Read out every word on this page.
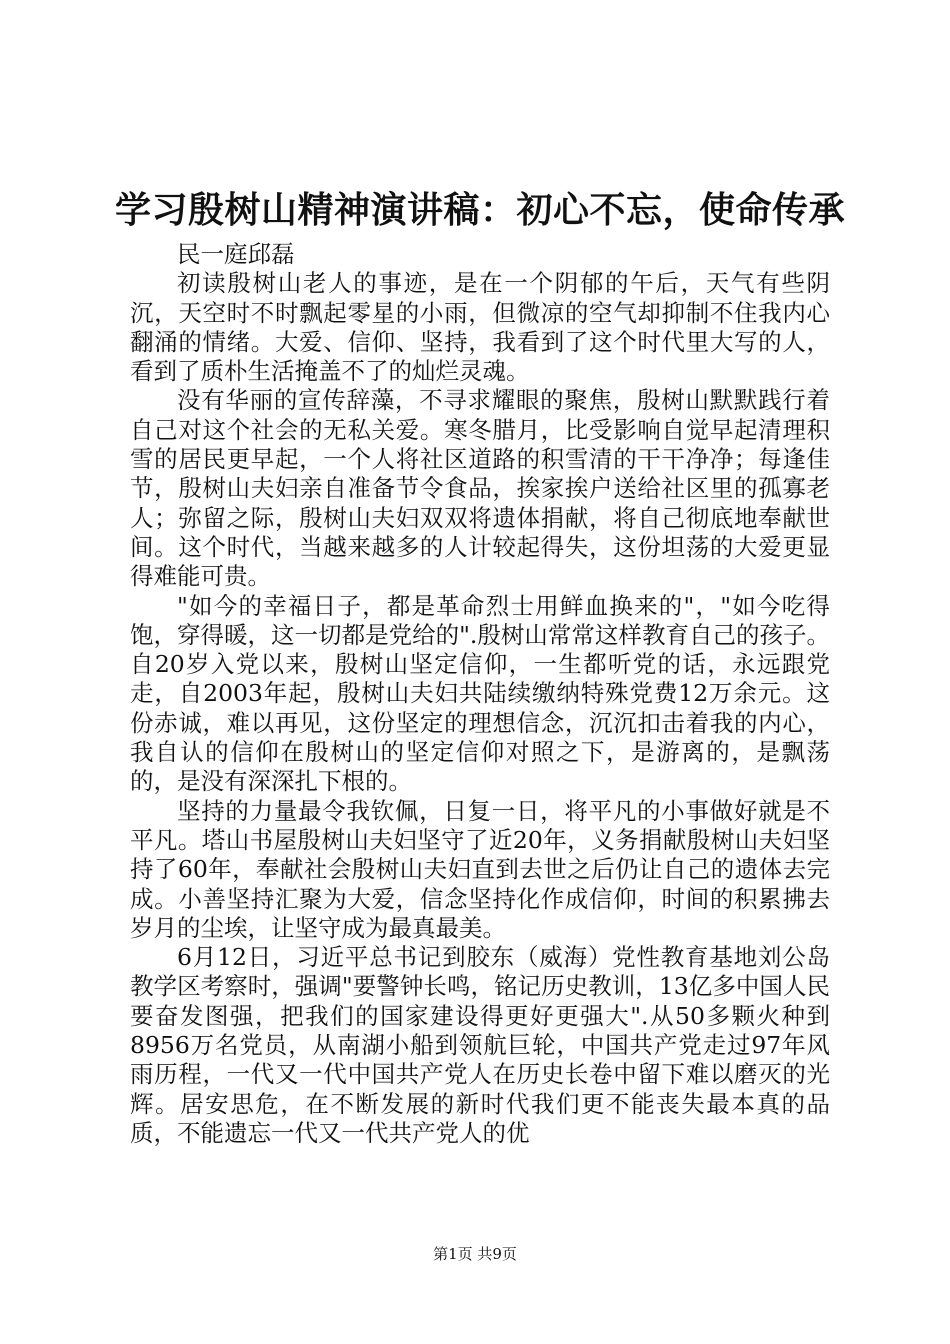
学习殷树山精神演讲稿：初心不忘，使命传承

民一庭邱磊

初读殷树山老人的事迹，是在一个阴郁的午后，天气有些阴沉，天空时不时飘起零星的小雨，但微凉的空气却抑制不住我内心翻涌的情绪。大爱、信仰、坚持，我看到了这个时代里大写的人，看到了质朴生活掩盖不了的灿烂灵魂。

没有华丽的宣传辞藻，不寻求耀眼的聚焦，殷树山默默践行着自己对这个社会的无私关爱。寒冬腊月，比受影响自觉早起清理积雪的居民更早起，一个人将社区道路的积雪清的干干净净；每逢佳节，殷树山夫妇亲自准备节令食品，挨家挨户送给社区里的孤寡老人；弥留之际，殷树山夫妇双双将遗体捐献，将自己彻底地奉献世间。这个时代，当越来越多的人计较起得失，这份坦荡的大爱更显得难能可贵。

"如今的幸福日子，都是革命烈士用鲜血换来的"，"如今吃得饱，穿得暖，这一切都是党给的".殷树山常常这样教育自己的孩子。自20岁入党以来，殷树山坚定信仰，一生都听党的话，永远跟党走，自2003年起，殷树山夫妇共陆续缴纳特殊党费12万余元。这份赤诚，难以再见，这份坚定的理想信念，沉沉扣击着我的内心，我自认的信仰在殷树山的坚定信仰对照之下，是游离的，是飘荡的，是没有深深扎下根的。

坚持的力量最令我钦佩，日复一日，将平凡的小事做好就是不平凡。塔山书屋殷树山夫妇坚守了近20年，义务捐献殷树山夫妇坚持了60年，奉献社会殷树山夫妇直到去世之后仍让自己的遗体去完成。小善坚持汇聚为大爱，信念坚持化作成信仰，时间的积累拂去岁月的尘埃，让坚守成为最真最美。

6月12日，习近平总书记到胶东（威海）党性教育基地刘公岛教学区考察时，强调"要警钟长鸣，铭记历史教训，13亿多中国人民要奋发图强，把我们的国家建设得更好更强大".从50多颗火种到8956万名党员，从南湖小船到领航巨轮，中国共产党走过97年风雨历程，一代又一代中国共产党人在历史长卷中留下难以磨灭的光辉。居安思危，在不断发展的新时代我们更不能丧失最本真的品质，不能遗忘一代又一代共产党人的优

第1页 共9页
